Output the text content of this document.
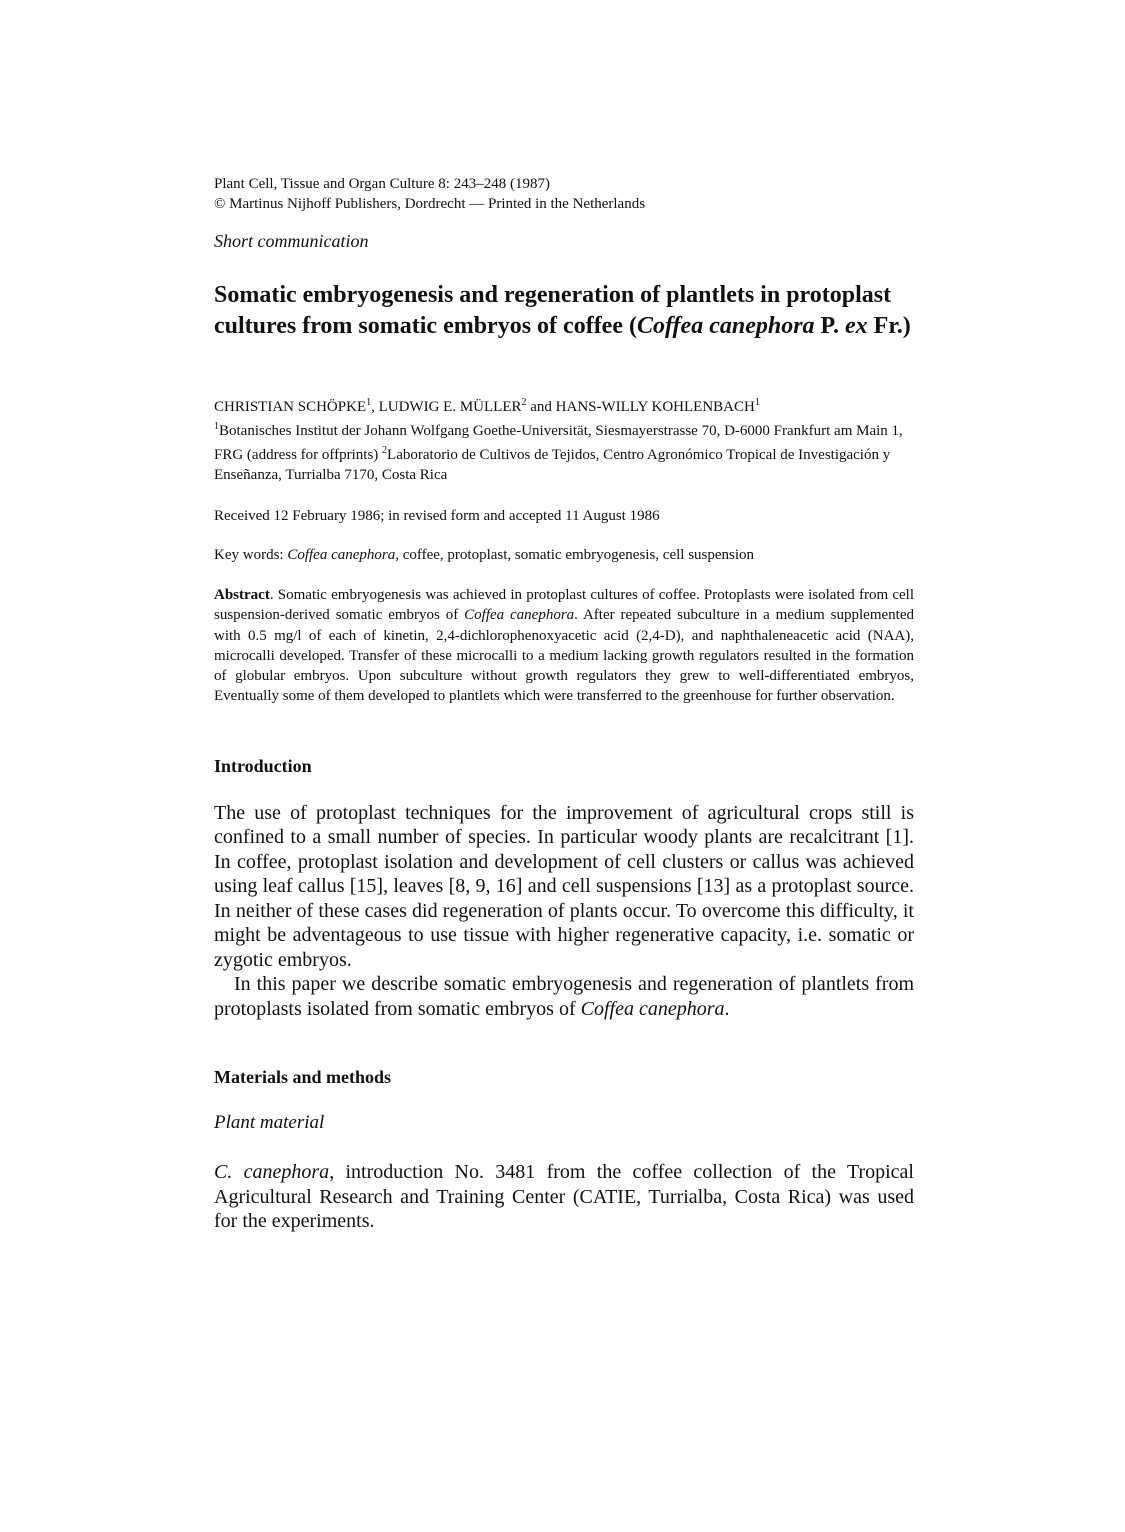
Plant Cell, Tissue and Organ Culture 8: 243–248 (1987)

© Martinus Nijhoff Publishers, Dordrecht — Printed in the Netherlands

Short communication

Somatic embryogenesis and regeneration of plantlets in protoplast cultures from somatic embryos of coffee (Coffea canephora P. ex Fr.)
CHRISTIAN SCHÖPKE$^1$, LUDWIG E. MÜLLER$^2$ and HANS-WILLY KOHLENBACH$^1$
$^1$Botanisches Institut der Johann Wolfgang Goethe-Universität, Siesmayerstrasse 70, D-6000 Frankfurt am Main 1, FRG (address for offprints) $^2$Laboratorio de Cultivos de Tejidos, Centro Agronómico Tropical de Investigación y Enseñanza, Turrialba 7170, Costa Rica

Received 12 February 1986; in revised form and accepted 11 August 1986

Key words: Coffea canephora, coffee, protoplast, somatic embryogenesis, cell suspension

Abstract. Somatic embryogenesis was achieved in protoplast cultures of coffee. Protoplasts were isolated from cell suspension-derived somatic embryos of Coffea canephora. After repeated subculture in a medium supplemented with 0.5 mg/l of each of kinetin, 2,4-dichlorophenoxyacetic acid (2,4-D), and naphthaleneacetic acid (NAA), microcalli developed. Transfer of these microcalli to a medium lacking growth regulators resulted in the formation of globular embryos. Upon subculture without growth regulators they grew to well-differentiated embryos, Eventually some of them developed to plantlets which were transferred to the greenhouse for further observation.

Introduction

The use of protoplast techniques for the improvement of agricultural crops still is confined to a small number of species. In particular woody plants are recalcitrant [1]. In coffee, protoplast isolation and development of cell clusters or callus was achieved using leaf callus [15], leaves [8, 9, 16] and cell suspensions [13] as a protoplast source. In neither of these cases did regeneration of plants occur. To overcome this difficulty, it might be adventageous to use tissue with higher regenerative capacity, i.e. somatic or zygotic embryos.

In this paper we describe somatic embryogenesis and regeneration of plantlets from protoplasts isolated from somatic embryos of Coffea canephora.

Materials and methods

Plant material

C. canephora, introduction No. 3481 from the coffee collection of the Tropical Agricultural Research and Training Center (CATIE, Turrialba, Costa Rica) was used for the experiments.
